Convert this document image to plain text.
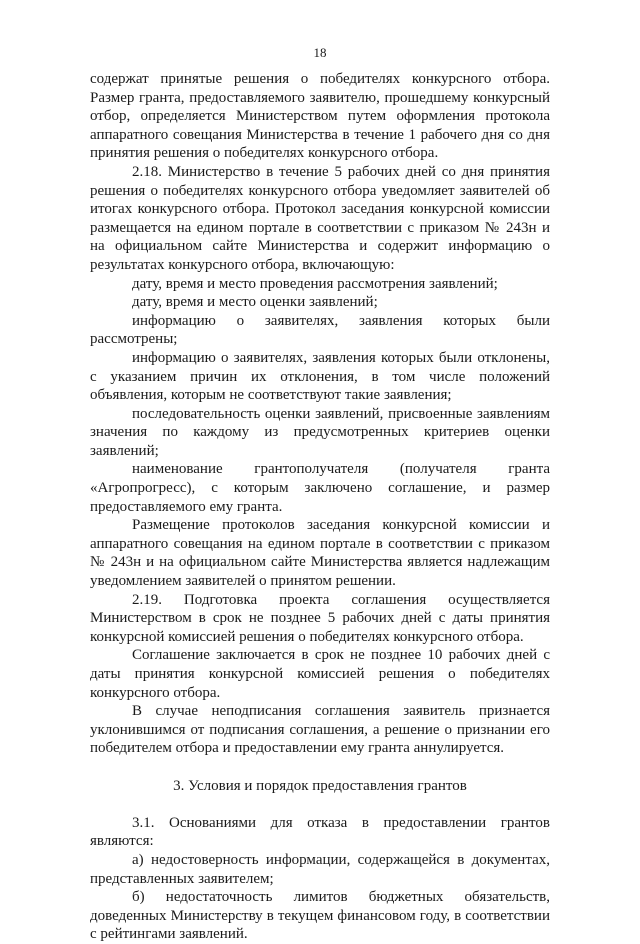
18

содержат принятые решения о победителях конкурсного отбора. Размер гранта, предоставляемого заявителю, прошедшему конкурсный отбор, определяется Министерством путем оформления протокола аппаратного совещания Министерства в течение 1 рабочего дня со дня принятия решения о победителях конкурсного отбора.

2.18. Министерство в течение 5 рабочих дней со дня принятия решения о победителях конкурсного отбора уведомляет заявителей об итогах конкурсного отбора. Протокол заседания конкурсной комиссии размещается на едином портале в соответствии с приказом № 243н и на официальном сайте Министерства и содержит информацию о результатах конкурсного отбора, включающую:

дату, время и место проведения рассмотрения заявлений;

дату, время и место оценки заявлений;

информацию о заявителях, заявления которых были рассмотрены;

информацию о заявителях, заявления которых были отклонены, с указанием причин их отклонения, в том числе положений объявления, которым не соответствуют такие заявления;

последовательность оценки заявлений, присвоенные заявлениям значения по каждому из предусмотренных критериев оценки заявлений;

наименование грантополучателя (получателя гранта «Агропрогресс), с которым заключено соглашение, и размер предоставляемого ему гранта.

Размещение протоколов заседания конкурсной комиссии и аппаратного совещания на едином портале в соответствии с приказом № 243н и на официальном сайте Министерства является надлежащим уведомлением заявителей о принятом решении.

2.19. Подготовка проекта соглашения осуществляется Министерством в срок не позднее 5 рабочих дней с даты принятия конкурсной комиссией решения о победителях конкурсного отбора.

Соглашение заключается в срок не позднее 10 рабочих дней с даты принятия конкурсной комиссией решения о победителях конкурсного отбора.

В случае неподписания соглашения заявитель признается уклонившимся от подписания соглашения, а решение о признании его победителем отбора и предоставлении ему гранта аннулируется.

3. Условия и порядок предоставления грантов

3.1. Основаниями для отказа в предоставлении грантов являются:

а) недостоверность информации, содержащейся в документах, представленных заявителем;

б) недостаточность лимитов бюджетных обязательств, доведенных Министерству в текущем финансовом году, в соответствии с рейтингами заявлений.
